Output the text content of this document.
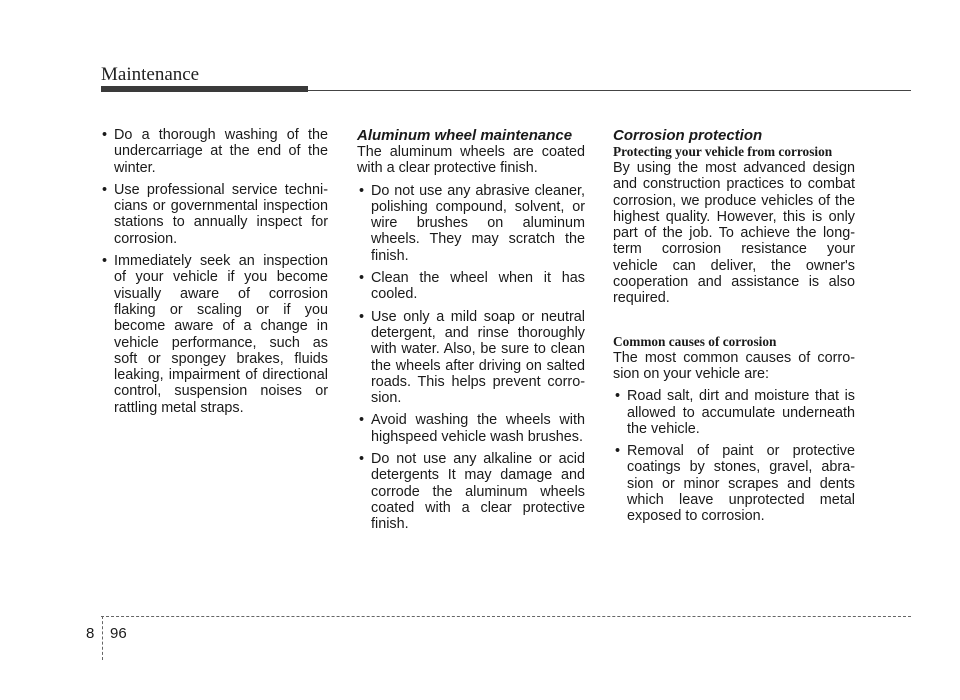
Maintenance
• Do a thorough washing of the undercarriage at the end of the winter.
• Use professional service technicians or governmental inspection stations to annually inspect for corrosion.
• Immediately seek an inspection of your vehicle if you become visually aware of corrosion flaking or scaling or if you become aware of a change in vehicle performance, such as soft or spongey brakes, fluids leaking, impairment of directional control, suspension noises or rattling metal straps.

Aluminum wheel maintenance

The aluminum wheels are coated with a clear protective finish.

• Do not use any abrasive cleaner, polishing compound, solvent, or wire brushes on aluminum wheels. They may scratch the finish.
• Clean the wheel when it has cooled.
• Use only a mild soap or neutral detergent, and rinse thoroughly with water. Also, be sure to clean the wheels after driving on salted roads. This helps prevent corrosion.
• Avoid washing the wheels with highspeed vehicle wash brushes.
• Do not use any alkaline or acid detergents It may damage and corrode the aluminum wheels coated with a clear protective finish.

Corrosion protection

Protecting your vehicle from corrosion

By using the most advanced design and construction practices to combat corrosion, we produce vehicles of the highest quality. However, this is only part of the job. To achieve the long-term corrosion resistance your vehicle can deliver, the owner's cooperation and assistance is also required.

Common causes of corrosion

The most common causes of corrosion on your vehicle are:

• Road salt, dirt and moisture that is allowed to accumulate underneath the vehicle.
• Removal of paint or protective coatings by stones, gravel, abrasion or minor scrapes and dents which leave unprotected metal exposed to corrosion.
8 96
